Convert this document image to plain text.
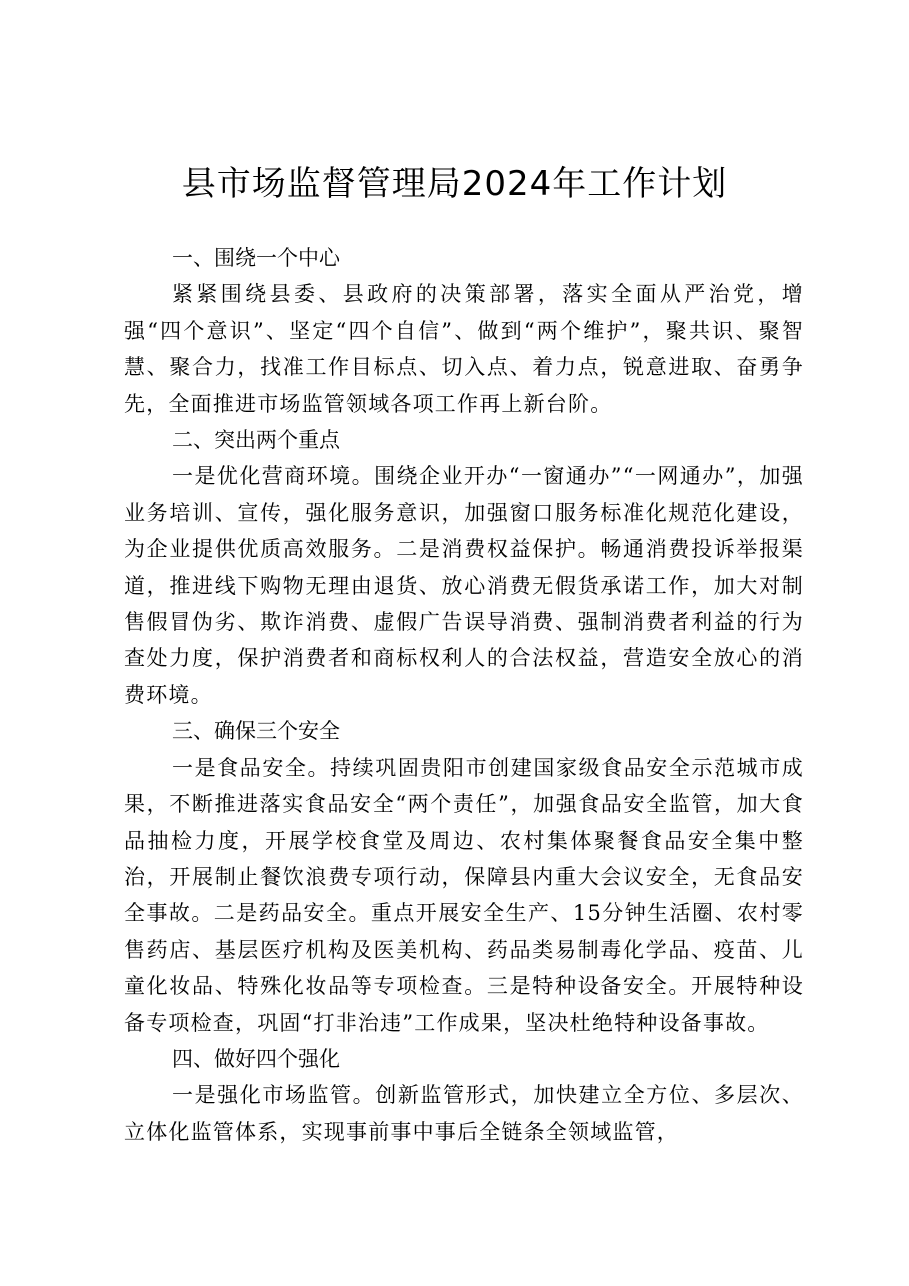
县市场监督管理局2024年工作计划

一、围绕一个中心

紧紧围绕县委、县政府的决策部署，落实全面从严治党，增强“四个意识”、坚定“四个自信”、做到“两个维护”，聚共识、聚智慧、聚合力，找准工作目标点、切入点、着力点，锐意进取、奋勇争先，全面推进市场监管领域各项工作再上新台阶。

二、突出两个重点

一是优化营商环境。围绕企业开办“一窗通办”“一网通办”，加强业务培训、宣传，强化服务意识，加强窗口服务标准化规范化建设，为企业提供优质高效服务。二是消费权益保护。畅通消费投诉举报渠道，推进线下购物无理由退货、放心消费无假货承诺工作，加大对制售假冒伪劣、欺诈消费、虚假广告误导消费、强制消费者利益的行为查处力度，保护消费者和商标权利人的合法权益，营造安全放心的消费环境。

三、确保三个安全

一是食品安全。持续巩固贵阳市创建国家级食品安全示范城市成果，不断推进落实食品安全“两个责任”，加强食品安全监管，加大食品抽检力度，开展学校食堂及周边、农村集体聚餐食品安全集中整治，开展制止餐饮浪费专项行动，保障县内重大会议安全，无食品安全事故。二是药品安全。重点开展安全生产、15分钟生活圈、农村零售药店、基层医疗机构及医美机构、药品类易制毒化学品、疫苗、儿童化妆品、特殊化妆品等专项检查。三是特种设备安全。开展特种设备专项检查，巩固“打非治违”工作成果，坚决杜绝特种设备事故。

四、做好四个强化

一是强化市场监管。创新监管形式，加快建立全方位、多层次、立体化监管体系，实现事前事中事后全链条全领域监管，
